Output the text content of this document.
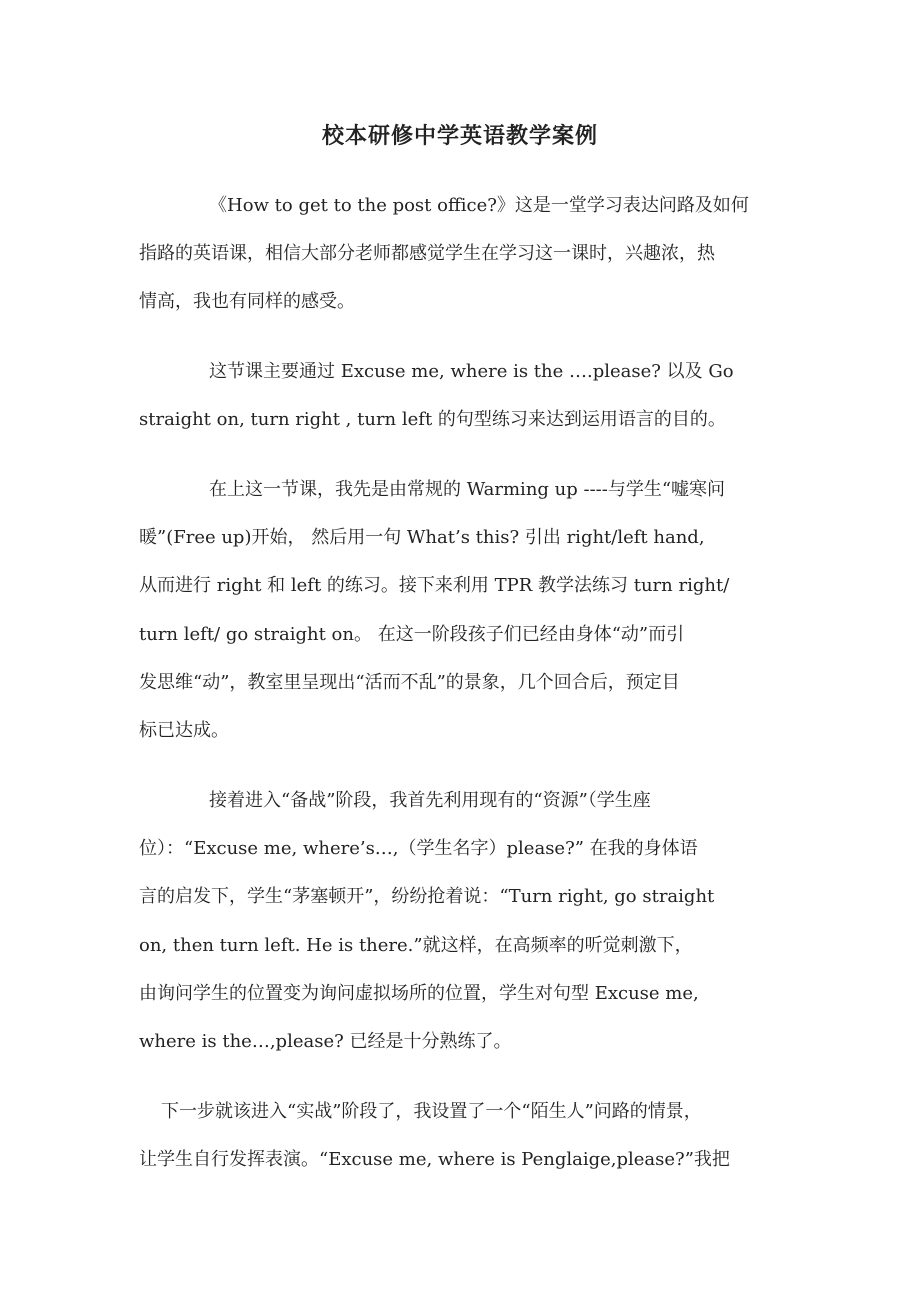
校本研修中学英语教学案例

《How to get to the post office?》这是一堂学习表达问路及如何
指路的英语课，相信大部分老师都感觉学生在学习这一课时，兴趣浓，热
情高，我也有同样的感受。

这节课主要通过 Excuse me, where is the ….please? 以及 Go
straight on, turn right , turn left 的句型练习来达到运用语言的目的。

在上这一节课，我先是由常规的 Warming up ----与学生“嘘寒问
暖”(Free up)开始， 然后用一句 What’s this? 引出 right/left hand,
从而进行 right 和 left 的练习。接下来利用 TPR 教学法练习 turn right/
turn left/ go straight on。 在这一阶段孩子们已经由身体“动”而引
发思维“动”，教室里呈现出“活而不乱”的景象，几个回合后，预定目
标已达成。

接着进入“备战”阶段，我首先利用现有的“资源”（学生座
位）：“Excuse me, where’s…,（学生名字）please?” 在我的身体语
言的启发下，学生“茅塞顿开”，纷纷抢着说：“Turn right, go straight
on, then turn left. He is there.”就这样，在高频率的听觉刺激下，
由询问学生的位置变为询问虚拟场所的位置，学生对句型 Excuse me,
where is the…,please? 已经是十分熟练了。

下一步就该进入“实战”阶段了，我设置了一个“陌生人”问路的情景，
让学生自行发挥表演。“Excuse me, where is Penglaige,please?”我把
